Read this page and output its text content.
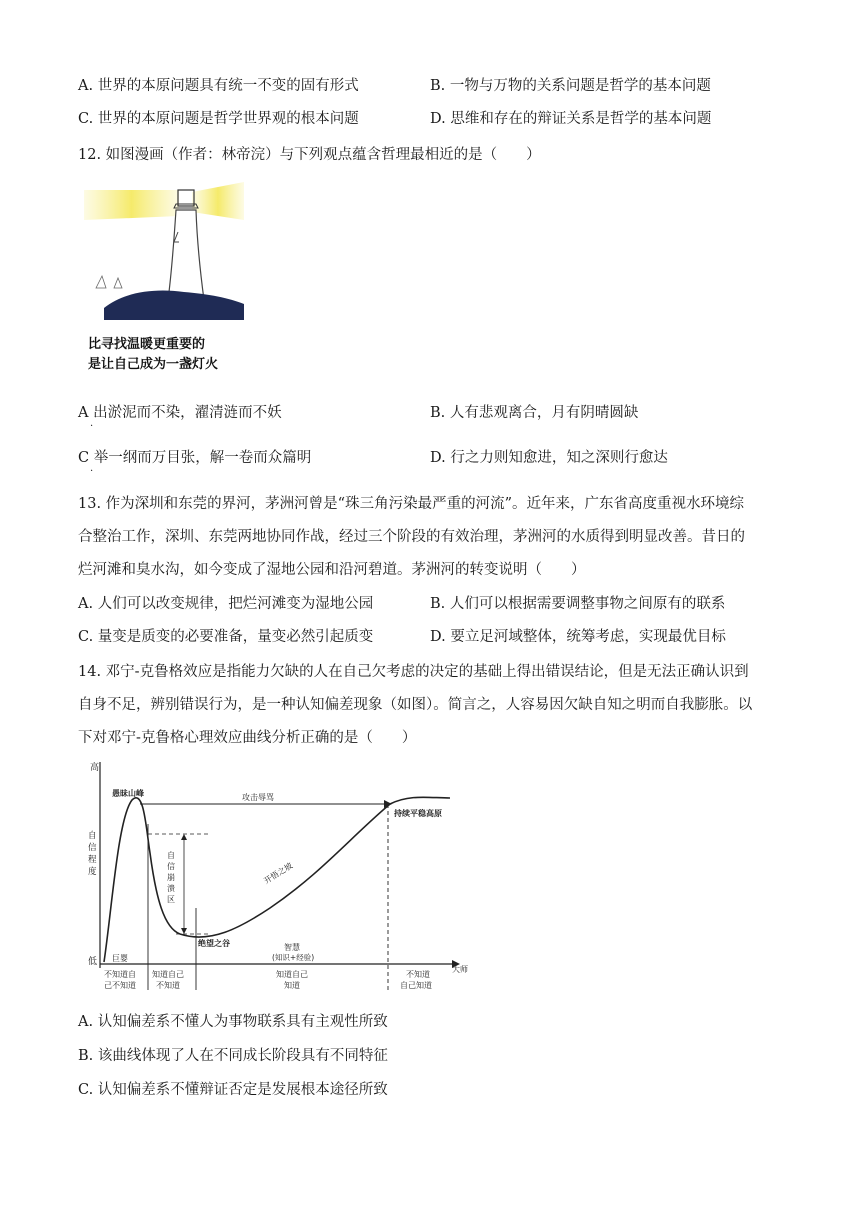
A. 世界的本原问题具有统一不变的固有形式	B. 一物与万物的关系问题是哲学的基本问题
C. 世界的本原问题是哲学世界观的根本问题	D. 思维和存在的辩证关系是哲学的基本问题
12. 如图漫画（作者：林帝浣）与下列观点蕴含哲理最相近的是（　　）
比寻找温暖更重要的
是让自己成为一盏灯火
A 出淤泥而不染，濯清涟而不妖	B. 人有悲观离合，月有阴晴圆缺
.
C 举一纲而万目张，解一卷而众篇明	D. 行之力则知愈进，知之深则行愈达
.
13. 作为深圳和东莞的界河，茅洲河曾是“珠三角污染最严重的河流”。近年来，广东省高度重视水环境综
合整治工作，深圳、东莞两地协同作战，经过三个阶段的有效治理，茅洲河的水质得到明显改善。昔日的
烂河滩和臭水沟，如今变成了湿地公园和沿河碧道。茅洲河的转变说明（　　）
A. 人们可以改变规律，把烂河滩变为湿地公园	B. 人们可以根据需要调整事物之间原有的联系
C. 量变是质变的必要准备，量变必然引起质变	D. 要立足河域整体，统筹考虑，实现最优目标
14. 邓宁-克鲁格效应是指能力欠缺的人在自己欠考虑的决定的基础上得出错误结论，但是无法正确认识到
自身不足，辨别错误行为，是一种认知偏差现象（如图）。简言之，人容易因欠缺自知之明而自我膨胀。以
下对邓宁-克鲁格心理效应曲线分析正确的是（　　）
高
低
自
信
程
度
大师
攻击辱骂
愚昧山峰
持续平稳高原
自
信
崩
溃
区
绝望之谷
开悟之坡
智慧
(知识+经验)
巨婴
不知道自
己不知道
知道自己
不知道
知道自己
知道
不知道
自己知道
A. 认知偏差系不懂人为事物联系具有主观性所致
B. 该曲线体现了人在不同成长阶段具有不同特征
C. 认知偏差系不懂辩证否定是发展根本途径所致
